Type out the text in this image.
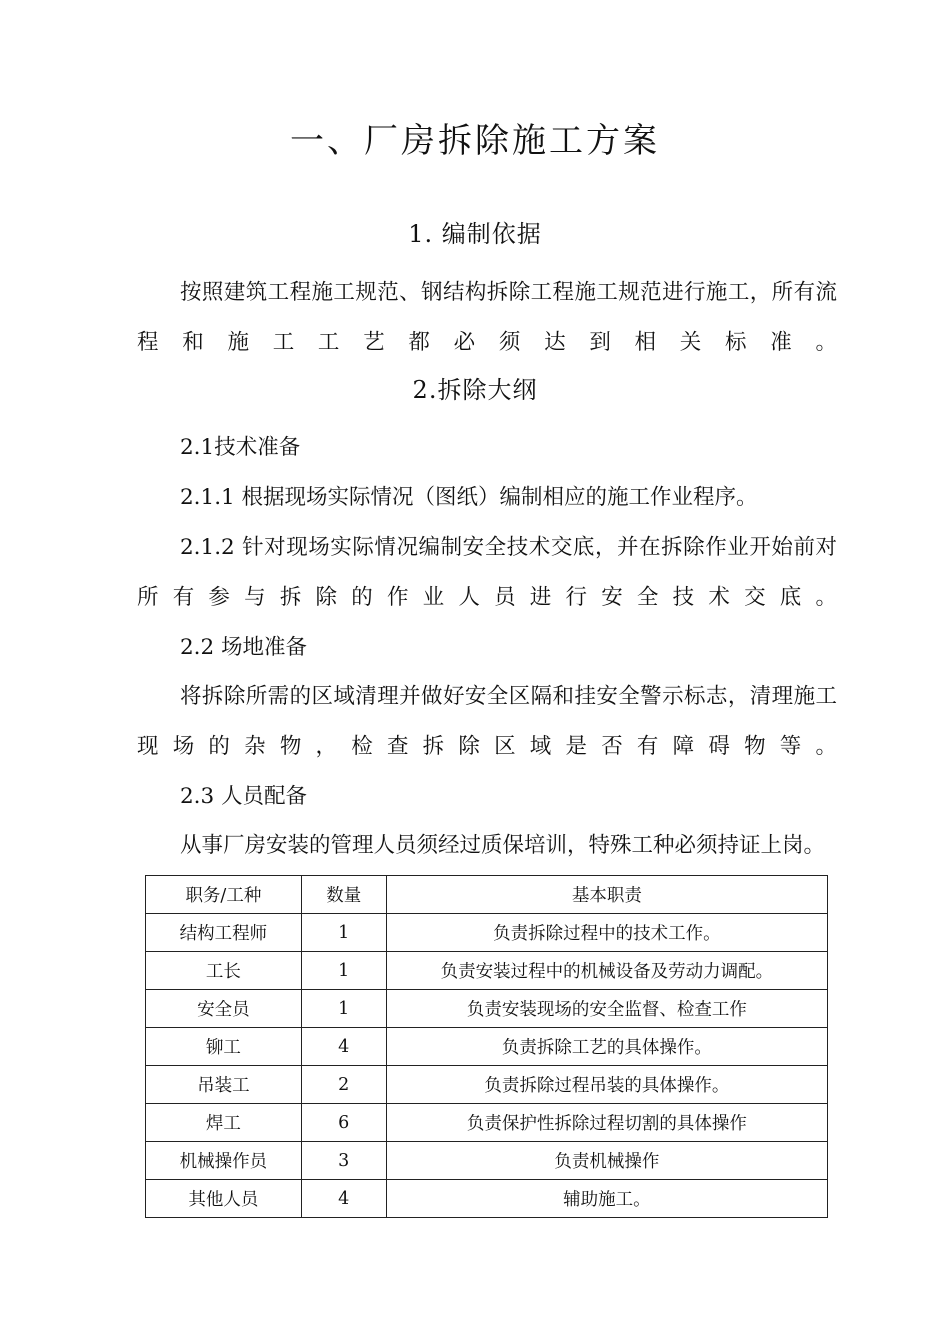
一、厂房拆除施工方案
1. 编制依据
按照建筑工程施工规范、钢结构拆除工程施工规范进行施工，所有流程和施工工艺都必须达到相关标准。
2.拆除大纲
2.1技术准备
2.1.1 根据现场实际情况（图纸）编制相应的施工作业程序。
2.1.2 针对现场实际情况编制安全技术交底，并在拆除作业开始前对所有参与拆除的作业人员进行安全技术交底。
2.2 场地准备
将拆除所需的区域清理并做好安全区隔和挂安全警示标志，清理施工现场的杂物，检查拆除区域是否有障碍物等。
2.3 人员配备
从事厂房安装的管理人员须经过质保培训，特殊工种必须持证上岗。
职务/工种	数量	基本职责
结构工程师	1	负责拆除过程中的技术工作。
工长	1	负责安装过程中的机械设备及劳动力调配。
安全员	1	负责安装现场的安全监督、检查工作
铆工	4	负责拆除工艺的具体操作。
吊装工	2	负责拆除过程吊装的具体操作。
焊工	6	负责保护性拆除过程切割的具体操作
机械操作员	3	负责机械操作
其他人员	4	辅助施工。
